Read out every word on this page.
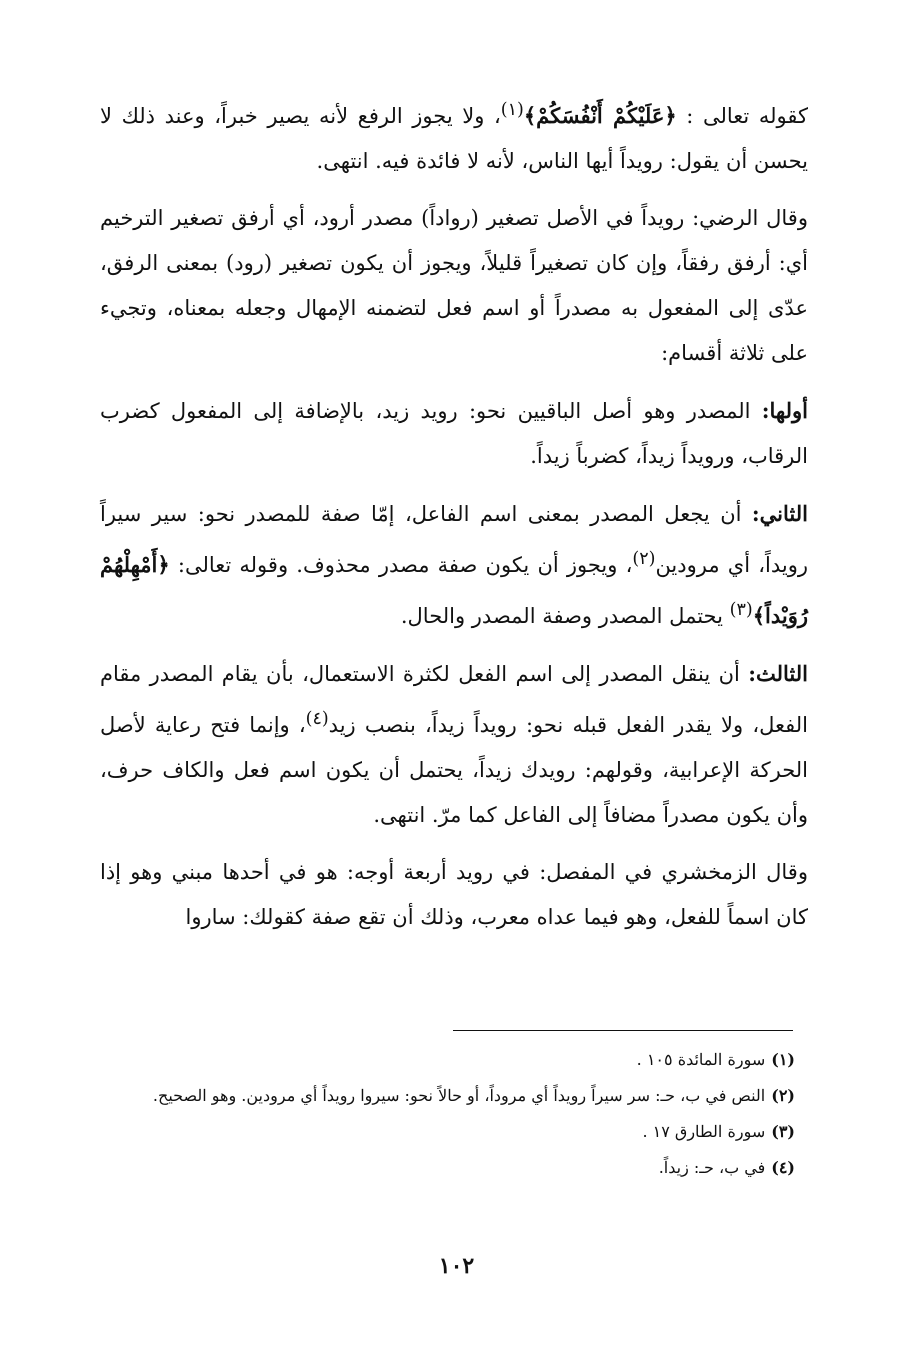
كقوله تعالى : ﴿عَلَيْكُمْ أَنْفُسَكُمْ﴾$^{(١)}$، ولا يجوز الرفع لأنه يصير خبراً، وعند ذلك لا يحسن أن يقول: رويداً أيها الناس، لأنه لا فائدة فيه. انتهى.

وقال الرضي: رويداً في الأصل تصغير (رواداً) مصدر أرود، أي أرفق تصغير الترخيم أي: أرفق رفقاً، وإن كان تصغيراً قليلاً، ويجوز أن يكون تصغير (رود) بمعنى الرفق، عدّى إلى المفعول به مصدراً أو اسم فعل لتضمنه الإمهال وجعله بمعناه، وتجيء على ثلاثة أقسام:

أولها: المصدر وهو أصل الباقيين نحو: رويد زيد، بالإضافة إلى المفعول كضرب الرقاب، ورويداً زيداً، كضرباً زيداً.

الثاني: أن يجعل المصدر بمعنى اسم الفاعل، إمّا صفة للمصدر نحو: سير سيراً رويداً، أي مرودين$^{(٢)}$، ويجوز أن يكون صفة مصدر محذوف. وقوله تعالى: ﴿أَمْهِلْهُمْ رُوَيْداً﴾$^{(٣)}$ يحتمل المصدر وصفة المصدر والحال.

الثالث: أن ينقل المصدر إلى اسم الفعل لكثرة الاستعمال، بأن يقام المصدر مقام الفعل، ولا يقدر الفعل قبله نحو: رويداً زيداً، بنصب زيد$^{(٤)}$، وإنما فتح رعاية لأصل الحركة الإعرابية، وقولهم: رويدك زيداً، يحتمل أن يكون اسم فعل والكاف حرف، وأن يكون مصدراً مضافاً إلى الفاعل كما مرّ. انتهى.

وقال الزمخشري في المفصل: في رويد أربعة أوجه: هو في أحدها مبني وهو إذا كان اسماً للفعل، وهو فيما عداه معرب، وذلك أن تقع صفة كقولك: ساروا

(١)سورة المائدة ١٠٥ .

(٢)النص في ب، حـ: سر سيراً رويداً أي مروداً، أو حالاً نحو: سيروا رويداً أي مرودين. وهو الصحيح.

(٣)سورة الطارق ١٧ .

(٤)في ب، حـ: زيداً.

١٠٢
